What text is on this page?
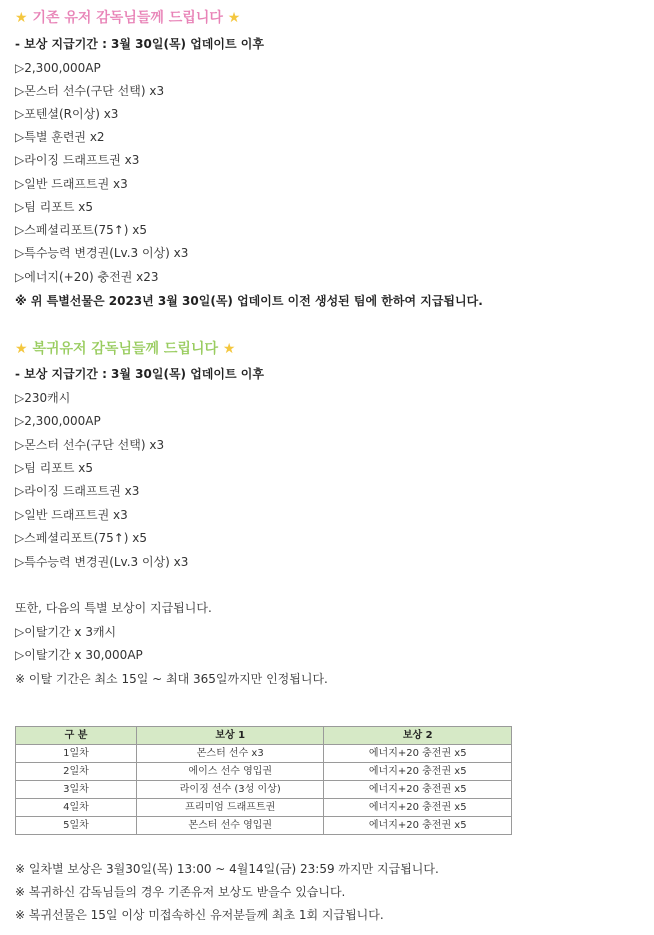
★ 기존 유저 감독님들께 드립니다 ★
- 보상 지급기간 : 3월 30일(목) 업데이트 이후
▷2,300,000AP
▷몬스터 선수(구단 선택) x3
▷포텐셜(R이상) x3
▷특별 훈련권 x2
▷라이징 드래프트권 x3
▷일반 드래프트권 x3
▷팀 리포트 x5
▷스페셜리포트(75↑) x5
▷특수능력 변경권(Lv.3 이상) x3
▷에너지(+20) 충전권 x23
※ 위 특별선물은 2023년 3월 30일(목) 업데이트 이전 생성된 팀에 한하여 지급됩니다.
★ 복귀유저 감독님들께 드립니다 ★
- 보상 지급기간 : 3월 30일(목) 업데이트 이후
▷230캐시
▷2,300,000AP
▷몬스터 선수(구단 선택) x3
▷팀 리포트 x5
▷라이징 드래프트권 x3
▷일반 드래프트권 x3
▷스페셜리포트(75↑) x5
▷특수능력 변경권(Lv.3 이상) x3
또한, 다음의 특별 보상이 지급됩니다.
▷이탈기간 x 3캐시
▷이탈기간 x 30,000AP
※ 이탈 기간은 최소 15일 ~ 최대 365일까지만 인정됩니다.
구 분	보상 1	보상 2
1일차	몬스터 선수 x3	에너지+20 충전권 x5
2일차	에이스 선수 영입권	에너지+20 충전권 x5
3일차	라이징 선수 (3성 이상)	에너지+20 충전권 x5
4일차	프리미엄 드래프트권	에너지+20 충전권 x5
5일차	몬스터 선수 영입권	에너지+20 충전권 x5
※ 일차별 보상은 3월30일(목) 13:00 ~ 4월14일(금) 23:59 까지만 지급됩니다.
※ 복귀하신 감독님들의 경우 기존유저 보상도 받을수 있습니다.
※ 복귀선물은 15일 이상 미접속하신 유저분들께 최초 1회 지급됩니다.
